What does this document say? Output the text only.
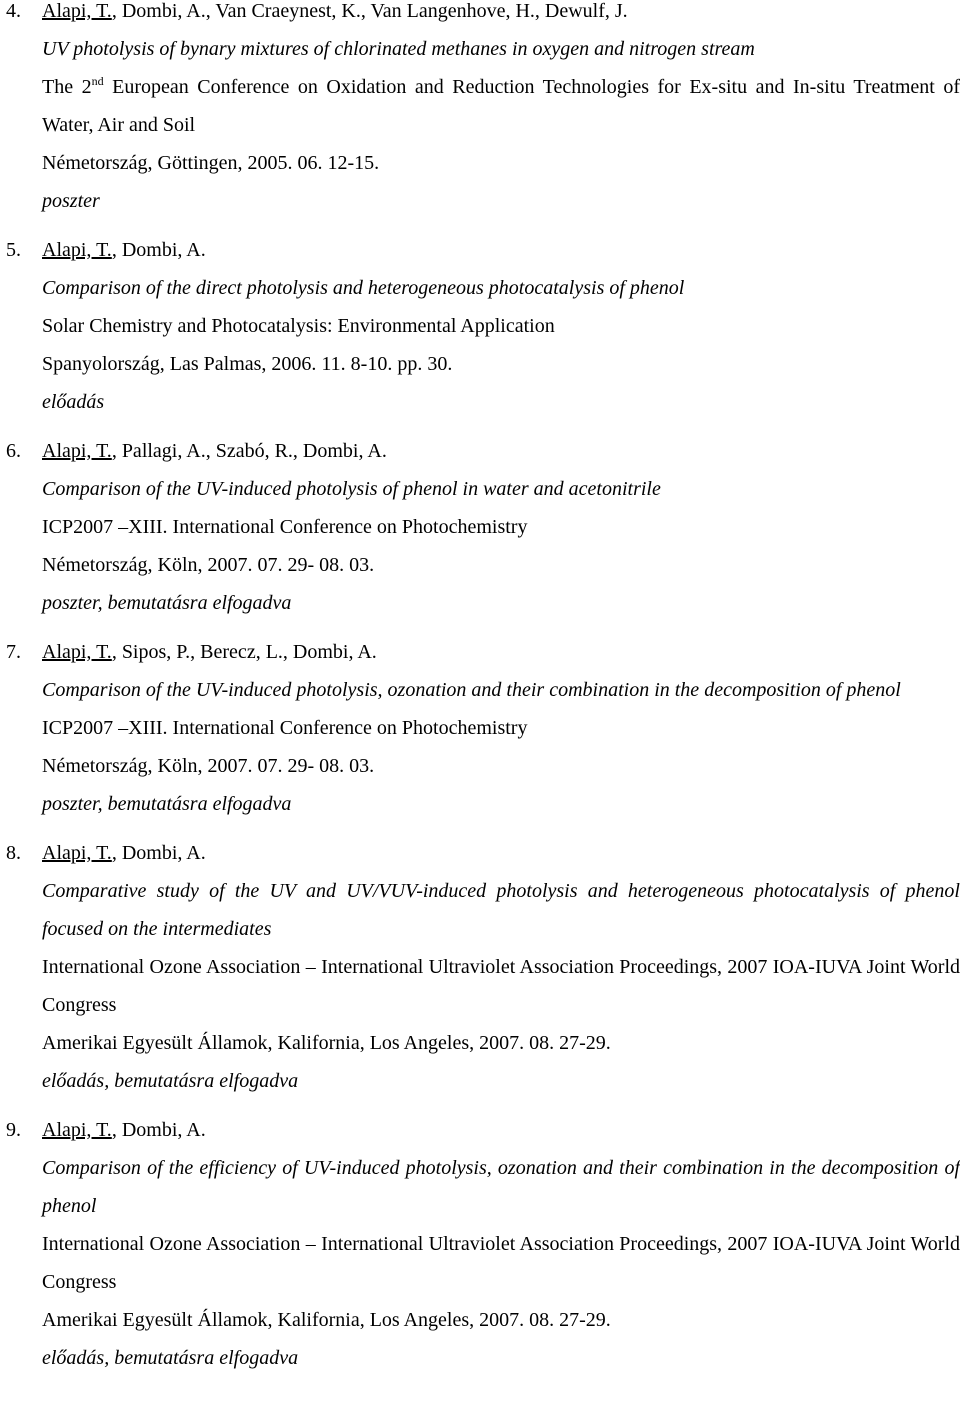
4. Alapi, T., Dombi, A., Van Craeynest, K., Van Langenhove, H., Dewulf, J.
UV photolysis of bynary mixtures of chlorinated methanes in oxygen and nitrogen stream
The 2nd European Conference on Oxidation and Reduction Technologies for Ex-situ and In-situ Treatment of Water, Air and Soil
Németország, Göttingen, 2005. 06. 12-15.
poszter
5. Alapi, T., Dombi, A.
Comparison of the direct photolysis and heterogeneous photocatalysis of phenol
Solar Chemistry and Photocatalysis: Environmental Application
Spanyolország, Las Palmas, 2006. 11. 8-10. pp. 30.
előadás
6. Alapi, T., Pallagi, A., Szabó, R., Dombi, A.
Comparison of the UV-induced photolysis of phenol in water and acetonitrile
ICP2007 –XIII. International Conference on Photochemistry
Németország, Köln, 2007. 07. 29- 08. 03.
poszter, bemutatásra elfogadva
7. Alapi, T., Sipos, P., Berecz, L., Dombi, A.
Comparison of the UV-induced photolysis, ozonation and their combination in the decomposition of phenol
ICP2007 –XIII. International Conference on Photochemistry
Németország, Köln, 2007. 07. 29- 08. 03.
poszter, bemutatásra elfogadva
8. Alapi, T., Dombi, A.
Comparative study of the UV and UV/VUV-induced photolysis and heterogeneous photocatalysis of phenol focused on the intermediates
International Ozone Association – International Ultraviolet Association Proceedings, 2007 IOA-IUVA Joint World Congress
Amerikai Egyesült Államok, Kalifornia, Los Angeles, 2007. 08. 27-29.
előadás, bemutatásra elfogadva
9. Alapi, T., Dombi, A.
Comparison of the efficiency of UV-induced photolysis, ozonation and their combination in the decomposition of phenol
International Ozone Association – International Ultraviolet Association Proceedings, 2007 IOA-IUVA Joint World Congress
Amerikai Egyesült Államok, Kalifornia, Los Angeles, 2007. 08. 27-29.
előadás, bemutatásra elfogadva
